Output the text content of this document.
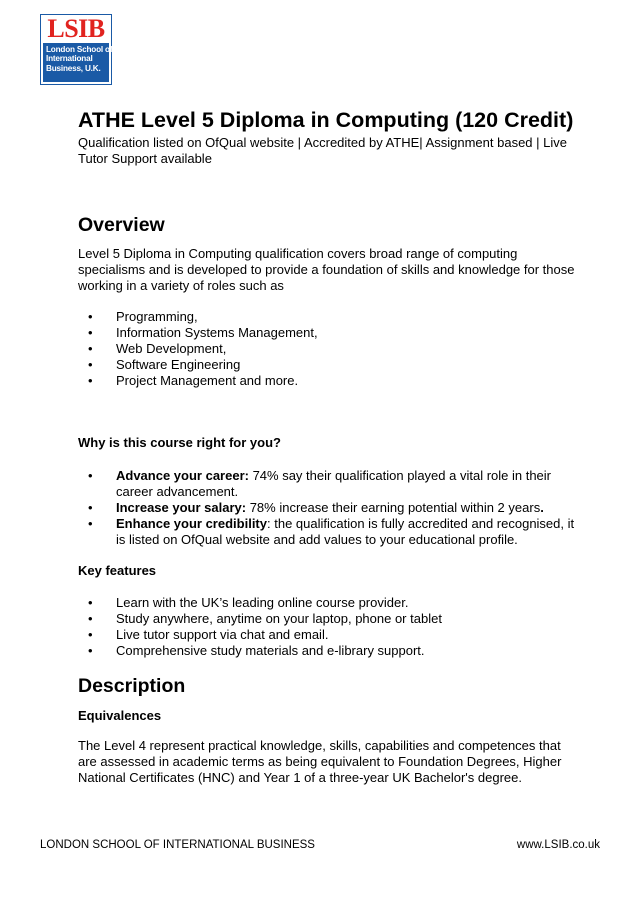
LSIB
London School of
International
Business, U.K.
ATHE Level 5 Diploma in Computing (120 Credit)

Qualification listed on OfQual website | Accredited by ATHE| Assignment based | Live Tutor Support available

Overview

Level 5 Diploma in Computing qualification covers broad range of computing specialisms and is developed to provide a foundation of skills and knowledge for those working in a variety of roles such as

• Programming,
• Information Systems Management,
• Web Development,
• Software Engineering
• Project Management and more.
Why is this course right for you?
• Advance your career: 74% say their qualification played a vital role in their career advancement.
• Increase your salary: 78% increase their earning potential within 2 years.
• Enhance your credibility: the qualification is fully accredited and recognised, it is listed on OfQual website and add values to your educational profile.
Key features
• Learn with the UK’s leading online course provider.
• Study anywhere, anytime on your laptop, phone or tablet
• Live tutor support via chat and email.
• Comprehensive study materials and e-library support.
Description
Equivalences

The Level 4 represent practical knowledge, skills, capabilities and competences that are assessed in academic terms as being equivalent to Foundation Degrees, Higher National Certificates (HNC) and Year 1 of a three-year UK Bachelor's degree.

LONDON SCHOOL OF INTERNATIONAL BUSINESS	www.LSIB.co.uk
